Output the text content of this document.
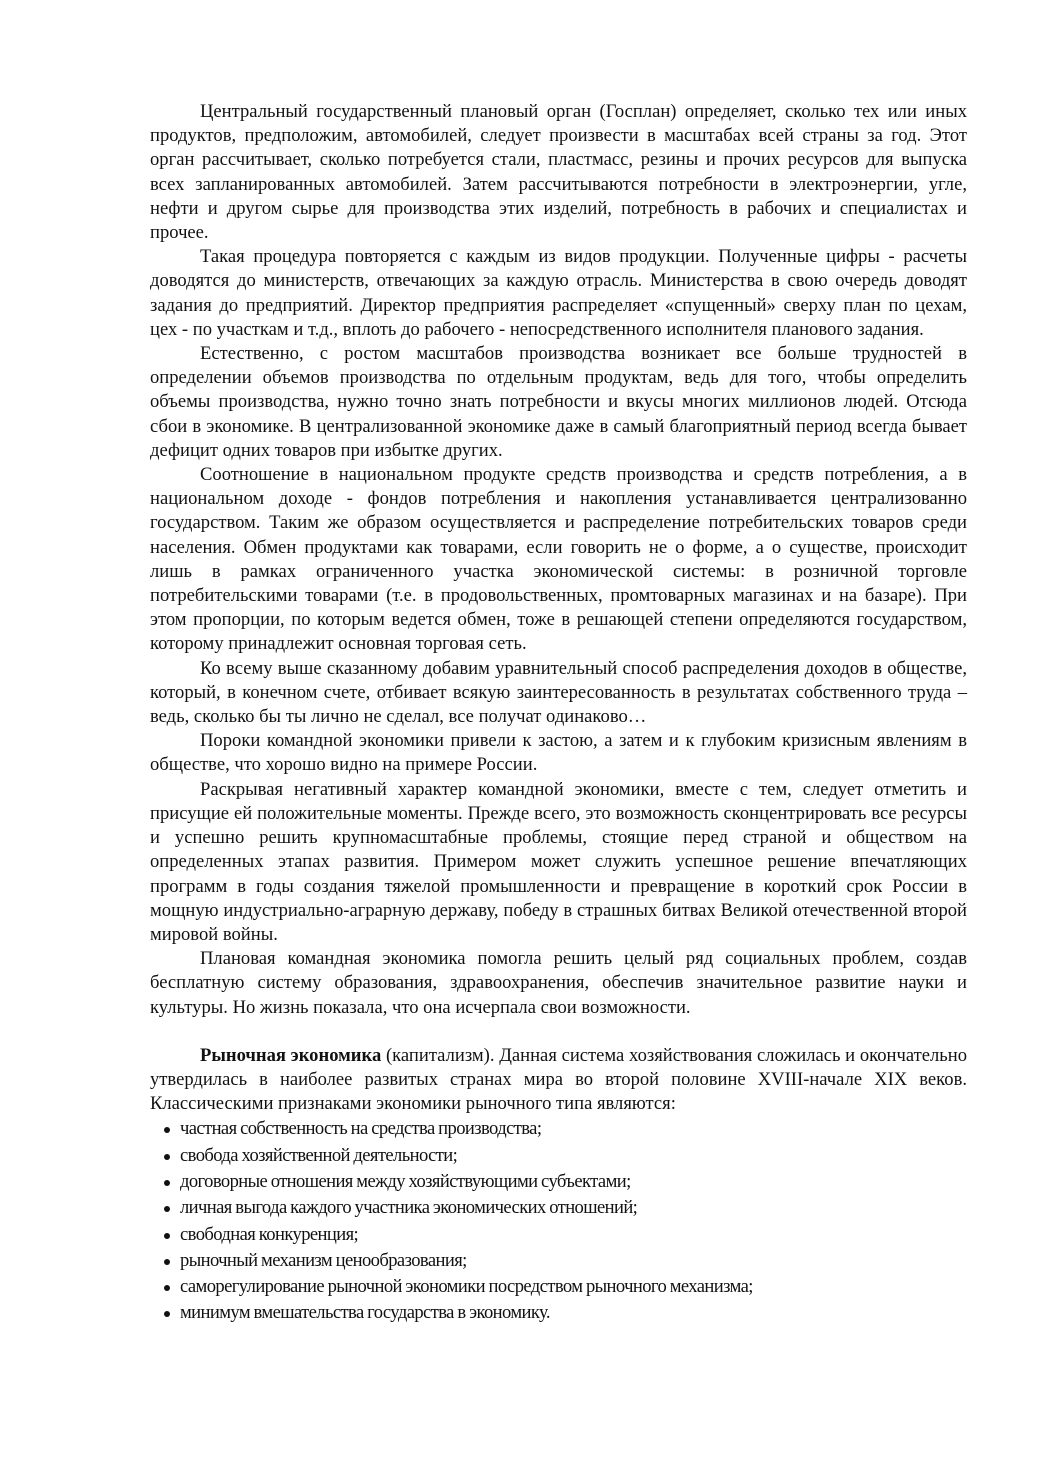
Центральный государственный плановый орган (Госплан) определяет, сколько тех или иных продуктов, предположим, автомобилей, следует произвести в масштабах всей страны за год. Этот орган рассчитывает, сколько потребуется стали, пластмасс, резины и прочих ресурсов для выпуска всех запланированных автомобилей. Затем рассчитываются потребности в электроэнергии, угле, нефти и другом сырье для производства этих изделий, потребность в рабочих и специалистах и прочее.

Такая процедура повторяется с каждым из видов продукции. Полученные цифры - расчеты доводятся до министерств, отвечающих за каждую отрасль. Министерства в свою очередь доводят задания до предприятий. Директор предприятия распределяет «спущенный» сверху план по цехам, цех - по участкам и т.д., вплоть до рабочего - непосредственного исполнителя планового задания.

Естественно, с ростом масштабов производства возникает все больше трудностей в определении объемов производства по отдельным продуктам, ведь для того, чтобы определить объемы производства, нужно точно знать потребности и вкусы многих миллионов людей. Отсюда сбои в экономике. В централизованной экономике даже в самый благоприятный период всегда бывает дефицит одних товаров при избытке других.

Соотношение в национальном продукте средств производства и средств потребления, а в национальном доходе - фондов потребления и накопления устанавливается централизованно государством. Таким же образом осуществляется и распределение потребительских товаров среди населения. Обмен продуктами как товарами, если говорить не о форме, а о существе, происходит лишь в рамках ограниченного участка экономической системы: в розничной торговле потребительскими товарами (т.е. в продовольственных, промтоварных магазинах и на базаре). При этом пропорции, по которым ведется обмен, тоже в решающей степени определяются государством, которому принадлежит основная торговая сеть.

Ко всему выше сказанному добавим уравнительный способ распределения доходов в обществе, который, в конечном счете, отбивает всякую заинтересованность в результатах собственного труда – ведь, сколько бы ты лично не сделал, все получат одинаково…

Пороки командной экономики привели к застою, а затем и к глубоким кризисным явлениям в обществе, что хорошо видно на примере России.

Раскрывая негативный характер командной экономики, вместе с тем, следует отметить и присущие ей положительные моменты. Прежде всего, это возможность сконцентрировать все ресурсы и успешно решить крупномасштабные проблемы, стоящие перед страной и обществом на определенных этапах развития. Примером может служить успешное решение впечатляющих программ в годы создания тяжелой промышленности и превращение в короткий срок России в мощную индустриально-аграрную державу, победу в страшных битвах Великой отечественной второй мировой войны.

Плановая командная экономика помогла решить целый ряд социальных проблем, создав бесплатную систему образования, здравоохранения, обеспечив значительное развитие науки и культуры. Но жизнь показала, что она исчерпала свои возможности.

Рыночная экономика (капитализм). Данная система хозяйствования сложилась и окончательно утвердилась в наиболее развитых странах мира во второй половине XVIII-начале XIX веков. Классическими признаками экономики рыночного типа являются:

частная собственность на средства производства;
свобода хозяйственной деятельности;
договорные отношения между хозяйствующими субъектами;
личная выгода каждого участника экономических отношений;
свободная конкуренция;
рыночный механизм ценообразования;
саморегулирование рыночной экономики посредством рыночного механизма;
минимум вмешательства государства в экономику.
